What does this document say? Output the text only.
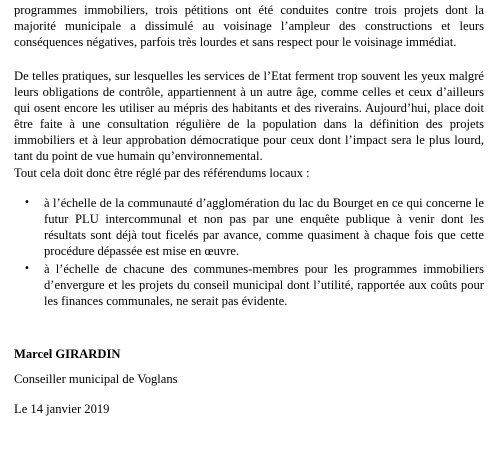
programmes immobiliers, trois pétitions ont été conduites contre trois projets dont la majorité municipale a dissimulé au voisinage l’ampleur des constructions et leurs conséquences négatives, parfois très lourdes et sans respect pour le voisinage immédiat.

De telles pratiques, sur lesquelles les services de l’Etat ferment trop souvent les yeux malgré leurs obligations de contrôle, appartiennent à un autre âge, comme celles et ceux d’ailleurs qui osent encore les utiliser au mépris des habitants et des riverains. Aujourd’hui, place doit être faite à une consultation régulière de la population dans la définition des projets immobiliers et à leur approbation démocratique pour ceux dont l’impact sera le plus lourd, tant du point de vue humain qu’environnemental.

Tout cela doit donc être réglé par des référendums locaux :

•	à l’échelle de la communauté d’agglomération du lac du Bourget en ce qui concerne le futur PLU intercommunal et non pas par une enquête publique à venir dont les résultats sont déjà tout ficelés par avance, comme quasiment à chaque fois que cette procédure dépassée est mise en œuvre.
•	à l’échelle de chacune des communes-membres pour les programmes immobiliers d’envergure et les projets du conseil municipal dont l’utilité, rapportée aux coûts pour les finances communales, ne serait pas évidente.
Marcel GIRARDIN
Conseiller municipal de Voglans
Le 14 janvier 2019
